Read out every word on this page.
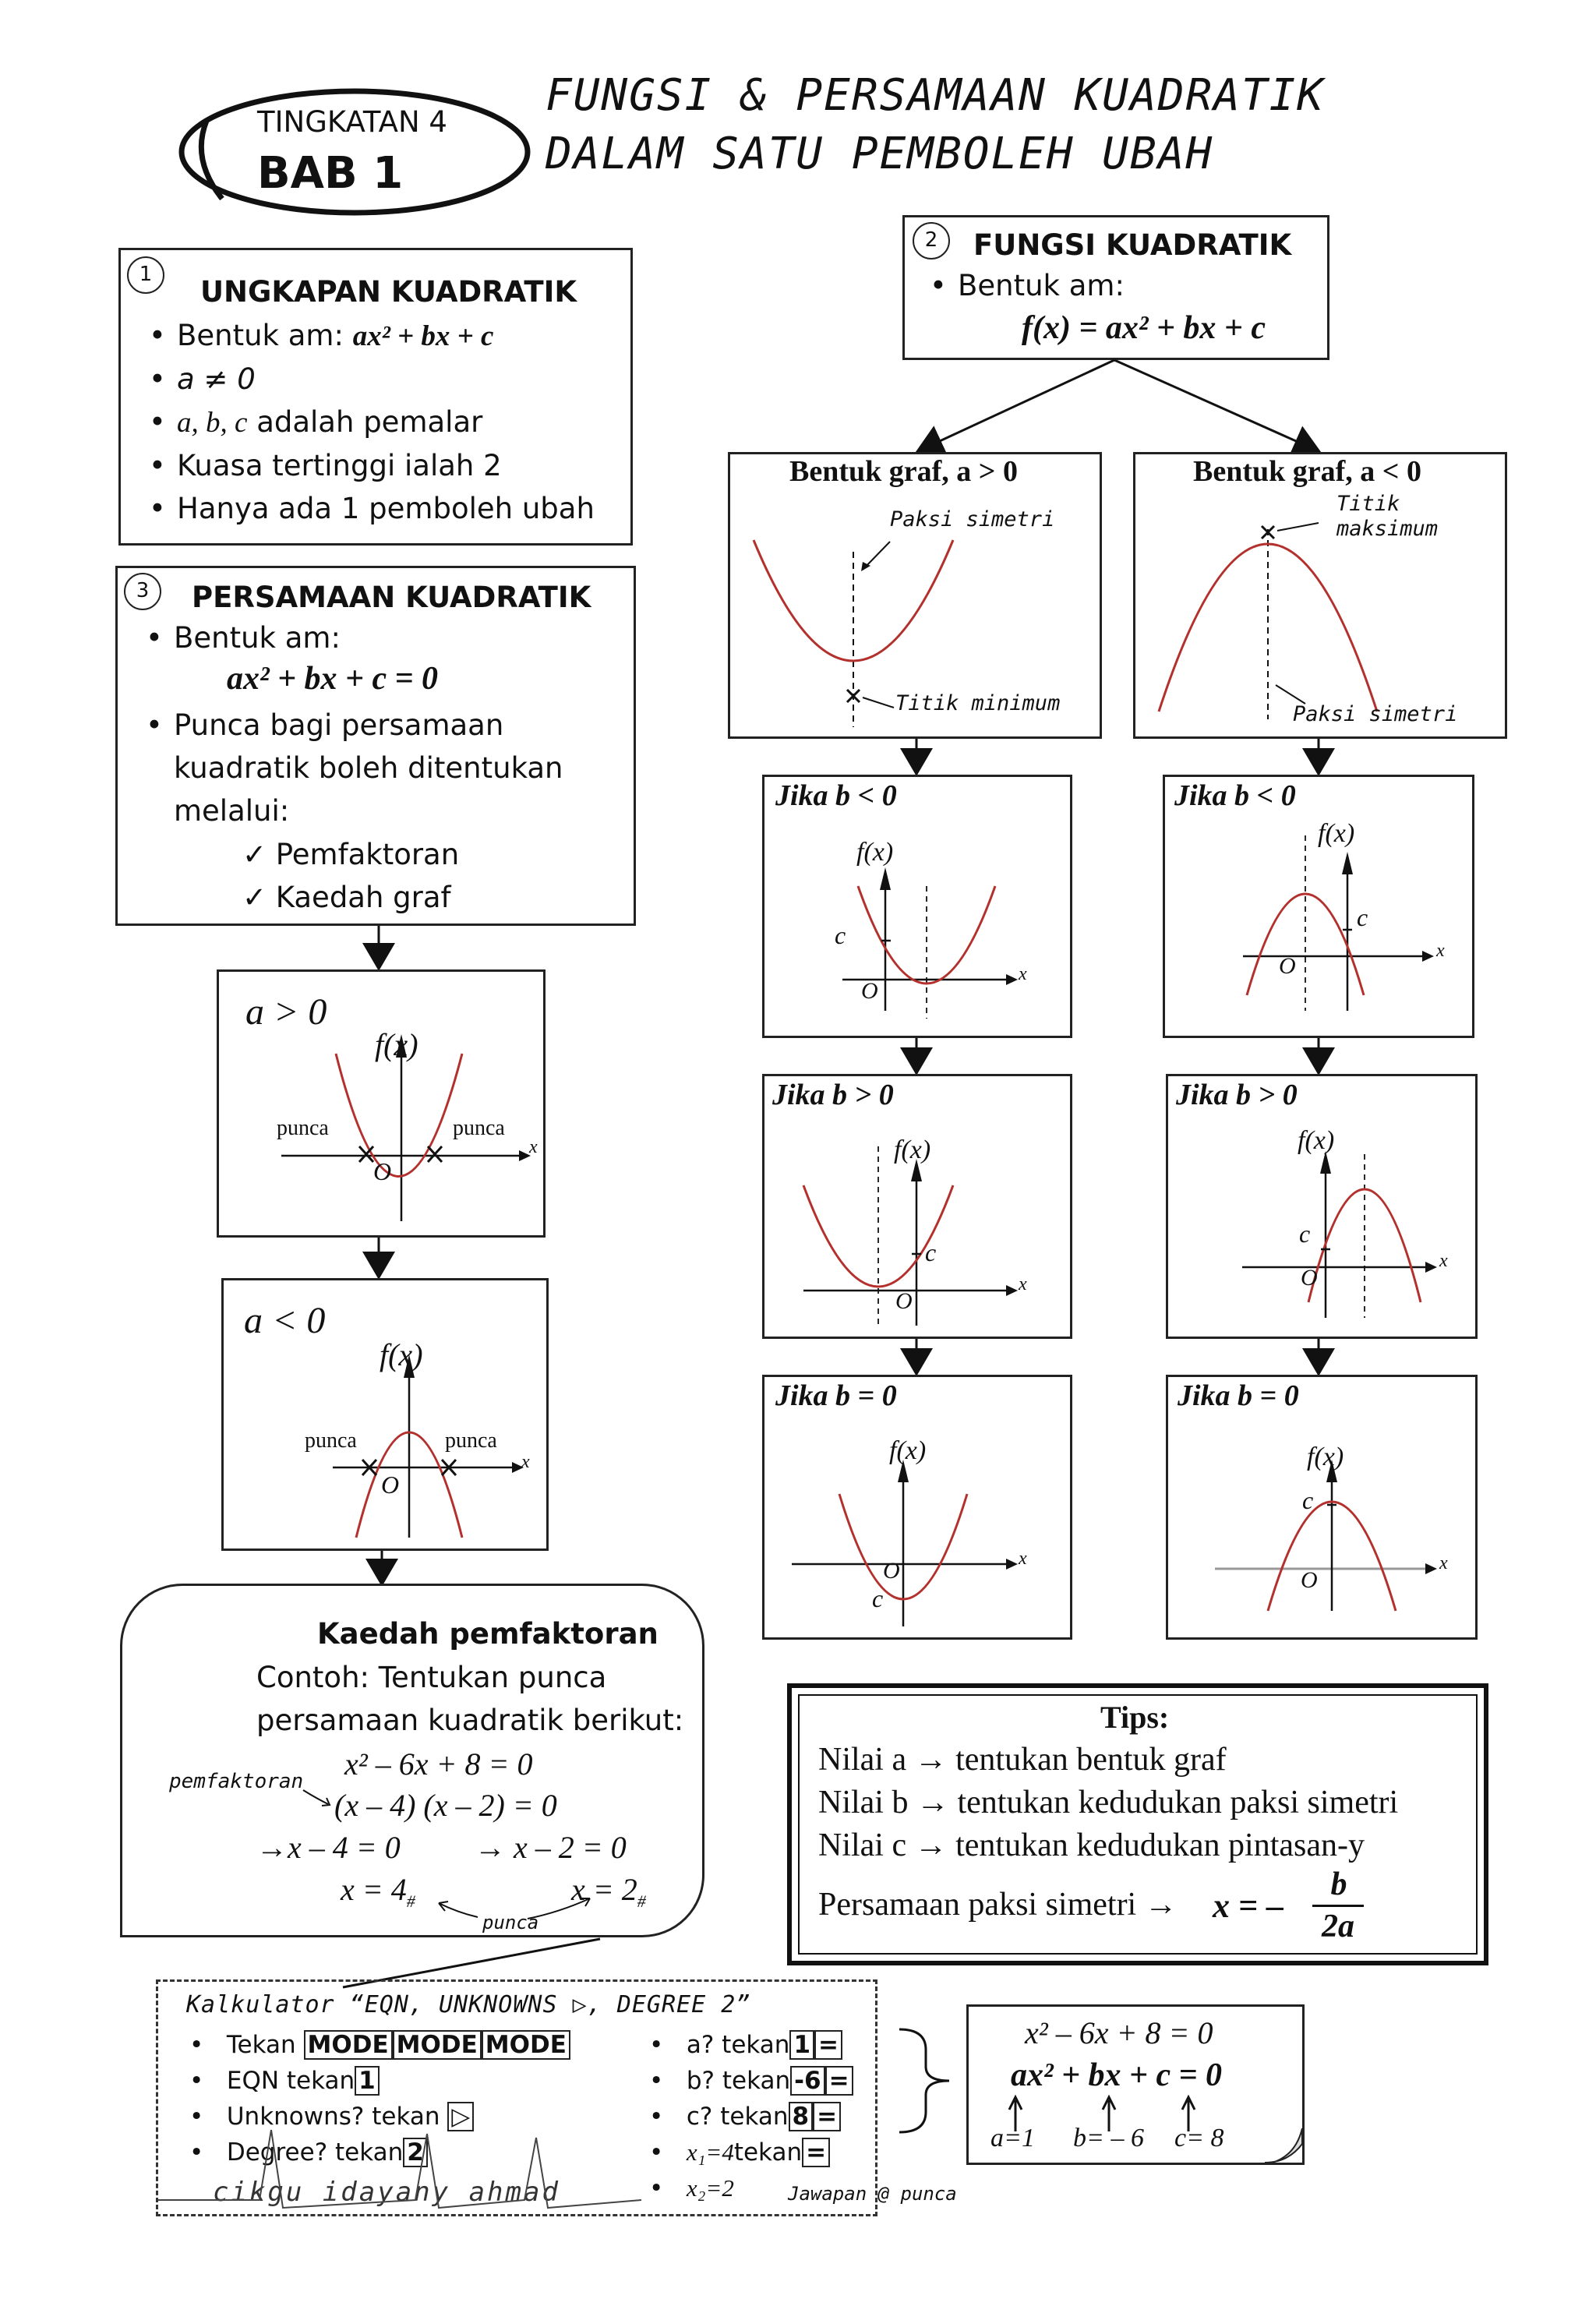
TINGKATAN 4
BAB 1
FUNGSI & PERSAMAAN KUADRATIK
DALAM SATU PEMBOLEH UBAH
1
UNGKAPAN KUADRATIK
• Bentuk am: ax² + bx + c
• a ≠ 0
• a, b, c adalah pemalar
• Kuasa tertinggi ialah 2
• Hanya ada 1 pemboleh ubah
2	FUNGSI KUADRATIK
• Bentuk am:
f(x) = ax² + bx + c
3	PERSAMAAN KUADRATIK
• Bentuk am:
ax² + bx + c = 0
• Punca bagi persamaan kuadratik boleh ditentukan melalui:
✓ Pemfaktoran
✓ Kaedah graf
a > 0
f(x)
punca	punca
O
x
a < 0
f(x)
punca	punca
O
x
Bentuk graf, a > 0
Paksi simetri
Titik minimum
Bentuk graf, a < 0
Titik
maksimum
Paksi simetri
Jika b < 0
f(x)
c
O
x
Jika b > 0
f(x)
c
O
x
Jika b = 0
f(x)
O
c
x
Jika b < 0
f(x)
c
O
x
Jika b > 0
f(x)
c
O
x
Jika b = 0
f(x)
c
O
x
Kaedah pemfaktoran
Contoh: Tentukan punca
persamaan kuadratik berikut:
x² – 6x + 8 = 0
pemfaktoran
(x – 4) (x – 2) = 0
→x – 4 = 0 → x – 2 = 0
$x = 4_{\#}$	$x = 2_{\#}$
punca
Tips:
Nilai a → tentukan bentuk graf
Nilai b → tentukan kedudukan paksi simetri
Nilai c → tentukan kedudukan pintasan-y
Persamaan paksi simetri → x = –
b
2a
Kalkulator “EQN, UNKNOWNS ▷, DEGREE 2”
•   Tekan MODE MODE MODE
•   EQN tekan 1
•   Unknowns? tekan ▷
•   Degree? tekan 2
•   a? tekan 1 =
•   b? tekan -6 =
•   c? tekan 8 =
•   x₁=4tekan =
•   x₂=2	Jawapan @ punca
cikgu idayany ahmad
x² – 6x + 8 = 0
ax² + bx + c = 0
a=1 b= – 6 c= 8
